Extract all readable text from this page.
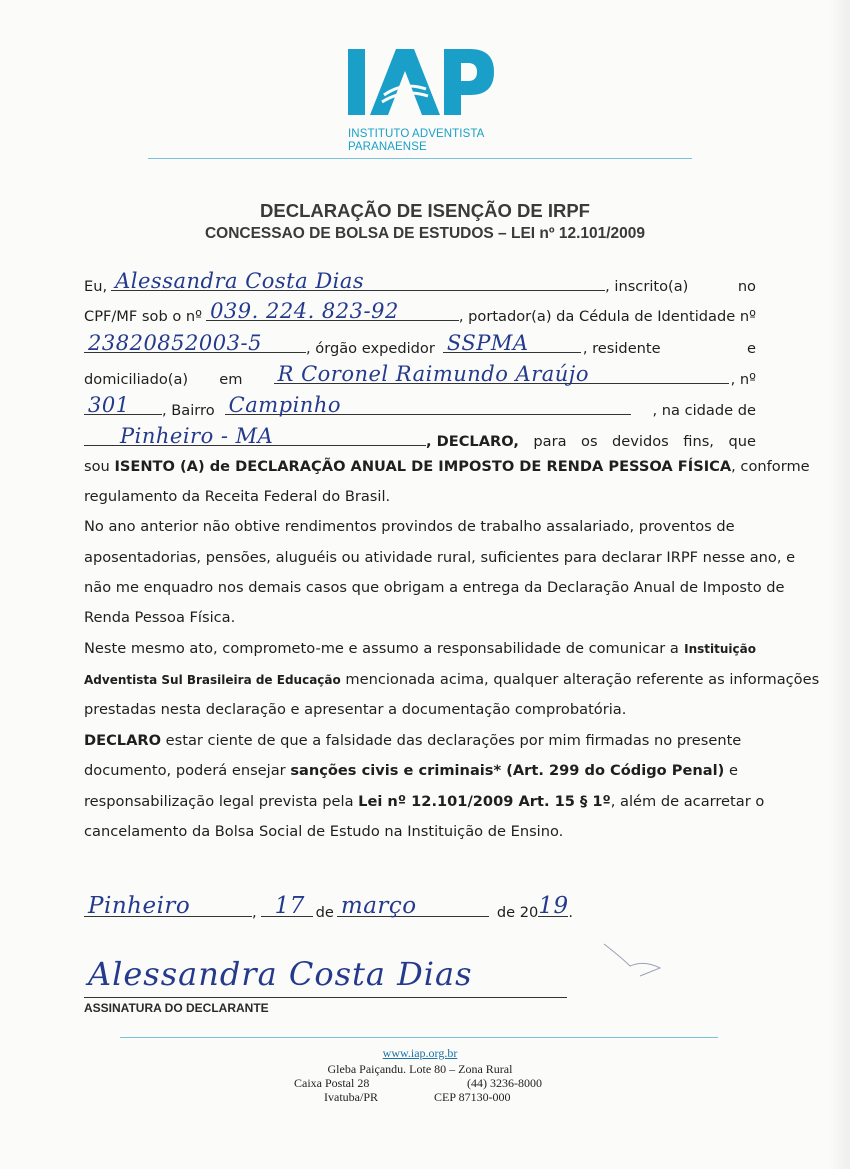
INSTITUTO ADVENTISTA
PARANAENSE
DECLARAÇÃO DE ISENÇÃO DE IRPF
CONCESSAO DE BOLSA DE ESTUDOS – LEI nº 12.101/2009
Eu, Alessandra Costa Dias	, inscrito(a)	no
CPF/MF sob o nº 039. 224. 823-92	, portador(a) da Cédula de Identidade nº
23820852003-5	, órgão expedidor SSPMA	, residente	e
domiciliado(a) em R Coronel Raimundo Araújo	, nº
301 , Bairro Campinho	, na cidade de
Pinheiro - MA	, DECLARO, para os devidos fins, que
sou ISENTO (A) de DECLARAÇÃO ANUAL DE IMPOSTO DE RENDA PESSOA FÍSICA, conforme
regulamento da Receita Federal do Brasil.
No ano anterior não obtive rendimentos provindos de trabalho assalariado, proventos de
aposentadorias, pensões, aluguéis ou atividade rural, suficientes para declarar IRPF nesse ano, e
não me enquadro nos demais casos que obrigam a entrega da Declaração Anual de Imposto de
Renda Pessoa Física.
Neste mesmo ato, comprometo-me e assumo a responsabilidade de comunicar a Instituição
Adventista Sul Brasileira de Educação mencionada acima, qualquer alteração referente as informações
prestadas nesta declaração e apresentar a documentação comprobatória.
DECLARO estar ciente de que a falsidade das declarações por mim firmadas no presente
documento, poderá ensejar sanções civis e criminais* (Art. 299 do Código Penal) e
responsabilização legal prevista pela Lei nº 12.101/2009 Art. 15 § 1º, além de acarretar o
cancelamento da Bolsa Social de Estudo na Instituição de Ensino.
Pinheiro	, 17 de março	de 20 19 .
Alessandra Costa Dias
ASSINATURA DO DECLARANTE
www.iap.org.br
Gleba Paiçandu. Lote 80 – Zona Rural
Caixa Postal 28	(44) 3236-8000
Ivatuba/PR	CEP 87130-000
